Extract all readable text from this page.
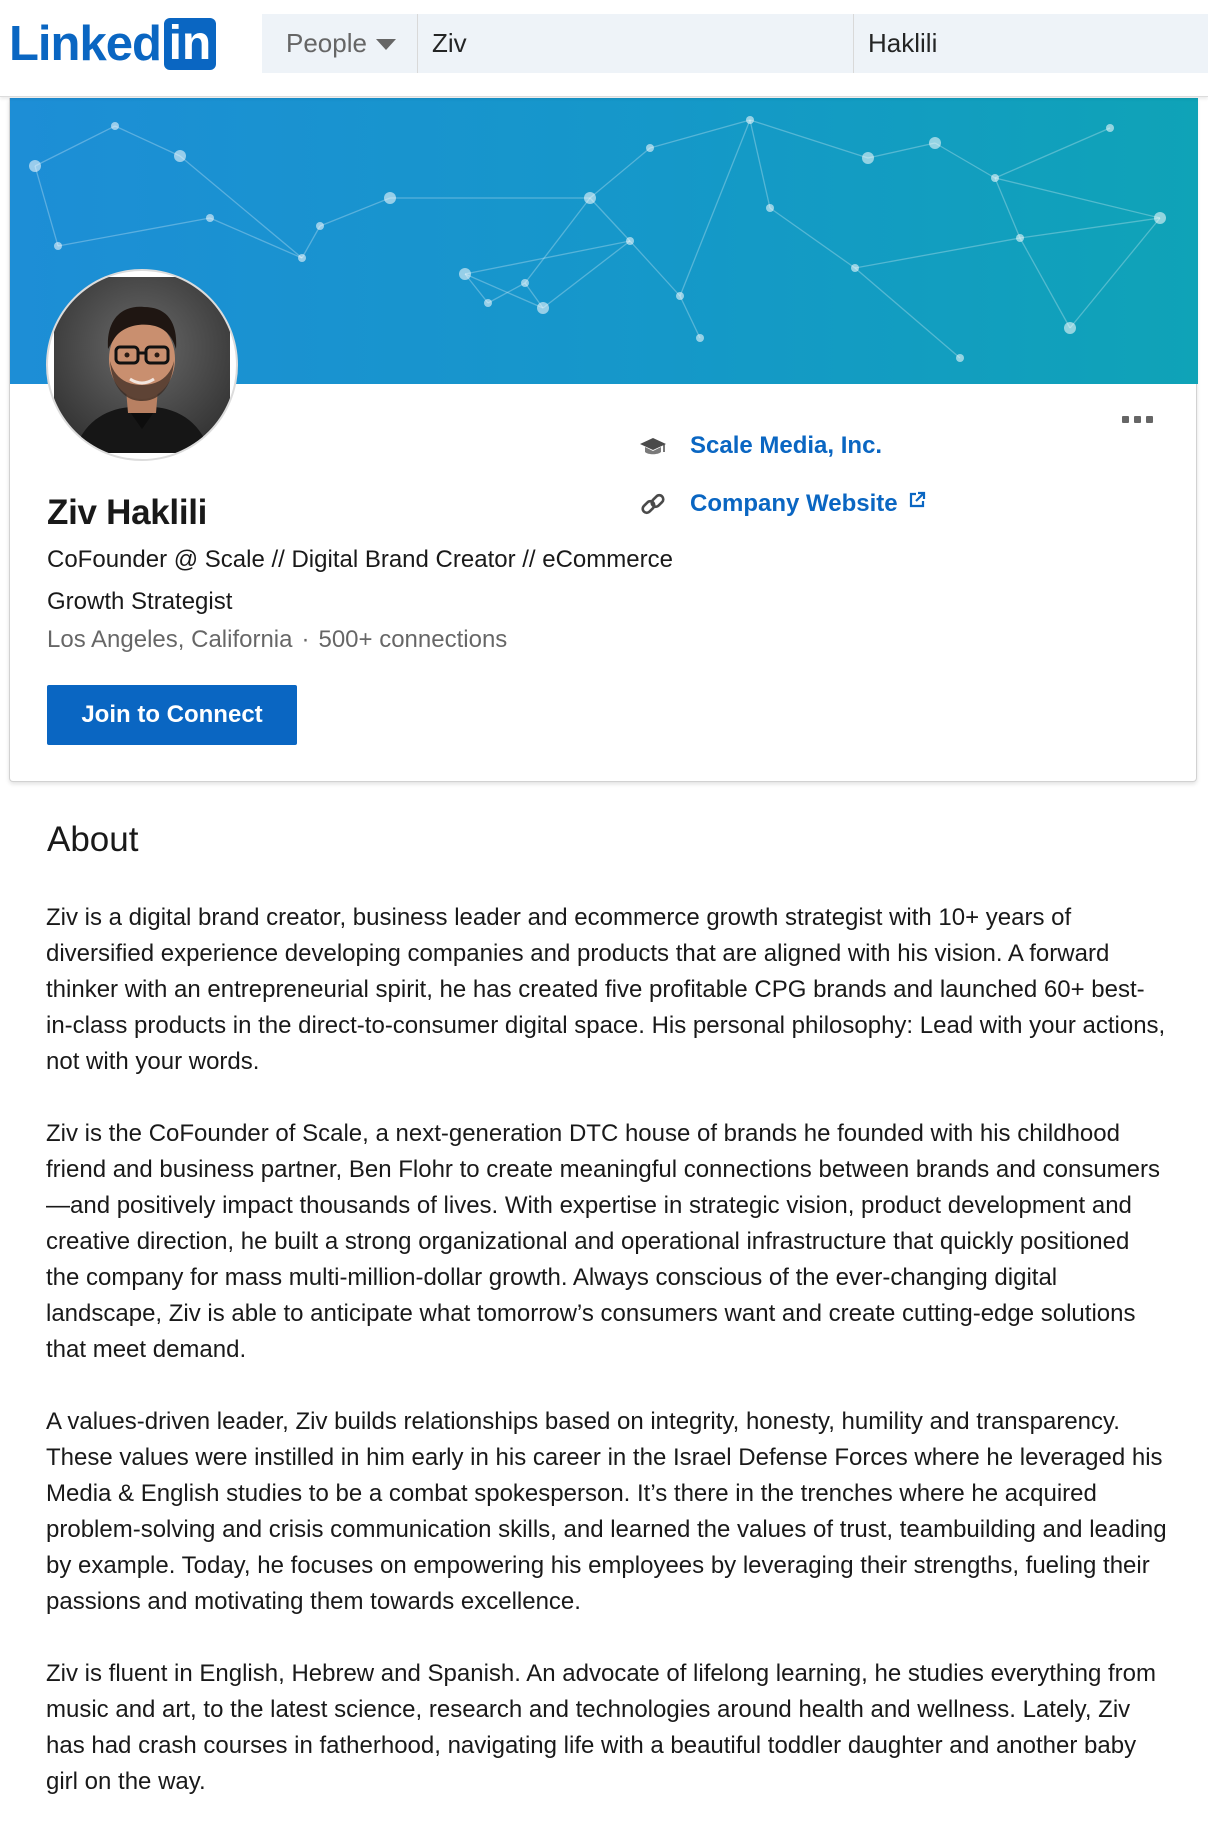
Linked in	People	Ziv	Haklili
Ziv Haklili

CoFounder @ Scale // Digital Brand Creator // eCommerce Growth Strategist

Los Angeles, California · 500+ connections

Join to Connect
Scale Media, Inc.
Company Website
About

Ziv is a digital brand creator, business leader and ecommerce growth strategist with 10+ years of diversified experience developing companies and products that are aligned with his vision. A forward thinker with an entrepreneurial spirit, he has created five profitable CPG brands and launched 60+ best-in-class products in the direct-to-consumer digital space. His personal philosophy: Lead with your actions, not with your words.

Ziv is the CoFounder of Scale, a next-generation DTC house of brands he founded with his childhood friend and business partner, Ben Flohr to create meaningful connections between brands and consumers—and positively impact thousands of lives. With expertise in strategic vision, product development and creative direction, he built a strong organizational and operational infrastructure that quickly positioned the company for mass multi-million-dollar growth. Always conscious of the ever-changing digital landscape, Ziv is able to anticipate what tomorrow’s consumers want and create cutting-edge solutions that meet demand.

A values-driven leader, Ziv builds relationships based on integrity, honesty, humility and transparency. These values were instilled in him early in his career in the Israel Defense Forces where he leveraged his Media & English studies to be a combat spokesperson. It’s there in the trenches where he acquired problem-solving and crisis communication skills, and learned the values of trust, teambuilding and leading by example. Today, he focuses on empowering his employees by leveraging their strengths, fueling their passions and motivating them towards excellence.

Ziv is fluent in English, Hebrew and Spanish. An advocate of lifelong learning, he studies everything from music and art, to the latest science, research and technologies around health and wellness. Lately, Ziv has had crash courses in fatherhood, navigating life with a beautiful toddler daughter and another baby girl on the way.
